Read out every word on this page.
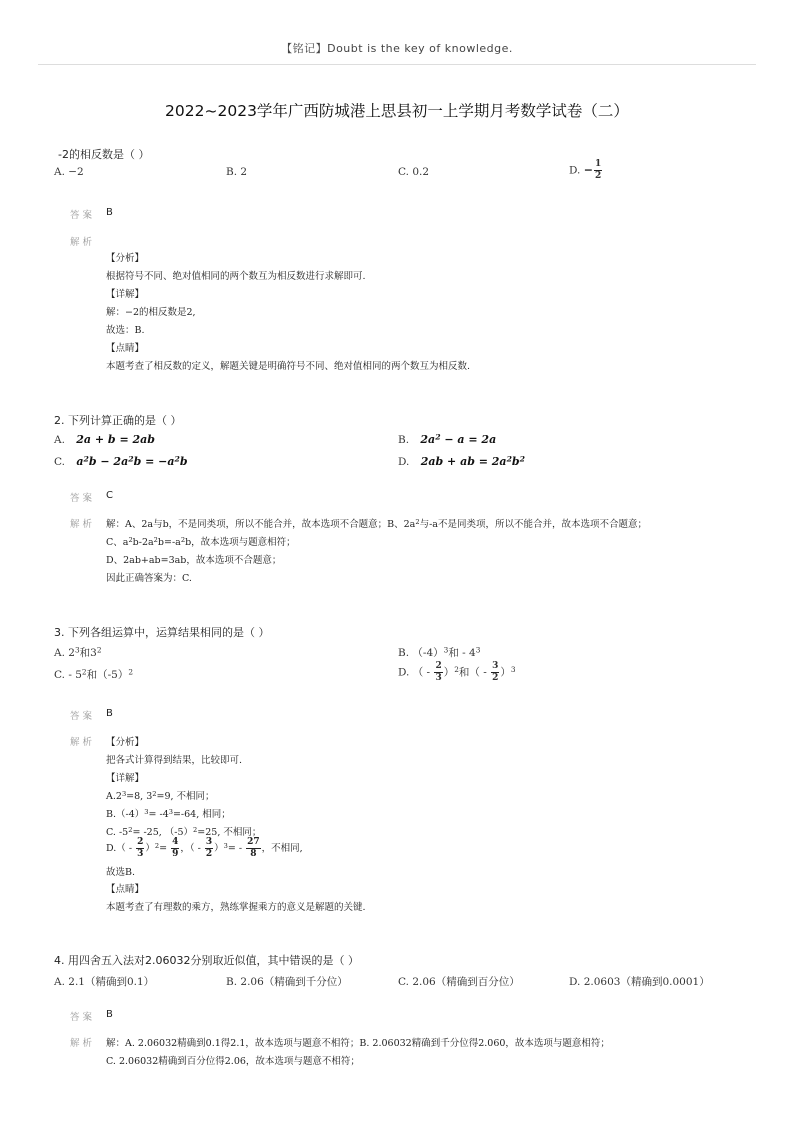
【铭记】Doubt is the key of knowledge.
2022~2023学年广西防城港上思县初一上学期月考数学试卷（二）
-2的相反数是（ ）
A. −2	B. 2	C. 0.2	D. − $\frac{1}{2}$
答案 B
解析
【分析】
根据符号不同、绝对值相同的两个数互为相反数进行求解即可.
【详解】
解：−2的相反数是2,
故选：B.
【点睛】
本题考查了相反数的定义，解题关键是明确符号不同、绝对值相同的两个数互为相反数.
2. 下列计算正确的是（ ）
A. 2a + b = 2ab	B. $2a^2 - a = 2a$
C. $a^2b - 2a^2b = -a^2b$	D. 2ab + ab = $2a^2b^2$
答案 C
解析 解：A、2a与b，不是同类项，所以不能合并，故本选项不合题意；B、$2a^2$与-a不是同类项，所以不能合并，故本选项不合题意；
C、$a^2b-2a^2b=-a^2b$，故本选项与题意相符；
D、2ab+ab=3ab，故本选项不合题意；
因此正确答案为：C.
3. 下列各组运算中，运算结果相同的是（ ）
A. $2^3$和$3^2$	B. $(-4)^3$和 - $4^3$
C. - $5^2$和$(-5)^2$	D. （ - $\frac{2}{3} )^2$和（ - $\frac{3}{2} )^3$
答案 B
解析 【分析】
把各式计算得到结果，比较即可.
【详解】
$A.2^3=8$, $3^2=9$, 不相同；
$B.(-4)^3= -4^3=-64$, 相同；
C. $-5^2= -25$, $(-5)^2=25$, 不相同；
$D.( - \frac{2}{3} )^2= \frac{4}{9}$ ，（ - $\frac{3}{2} )^3= - \frac{27}{8}$ ，不相同,
故选B.
【点睛】
本题考查了有理数的乘方，熟练掌握乘方的意义是解题的关键.
4. 用四舍五入法对2.06032分别取近似值，其中错误的是（ ）
A. 2.1（精确到0.1）	B. 2.06（精确到千分位）	C. 2.06（精确到百分位）	D. 2.0603（精确到0.0001）
答案 B
解析 解：A. 2.06032精确到0.1得2.1，故本选项与题意不相符；B. 2.06032精确到千分位得2.060，故本选项与题意相符；
C. 2.06032精确到百分位得2.06，故本选项与题意不相符；
